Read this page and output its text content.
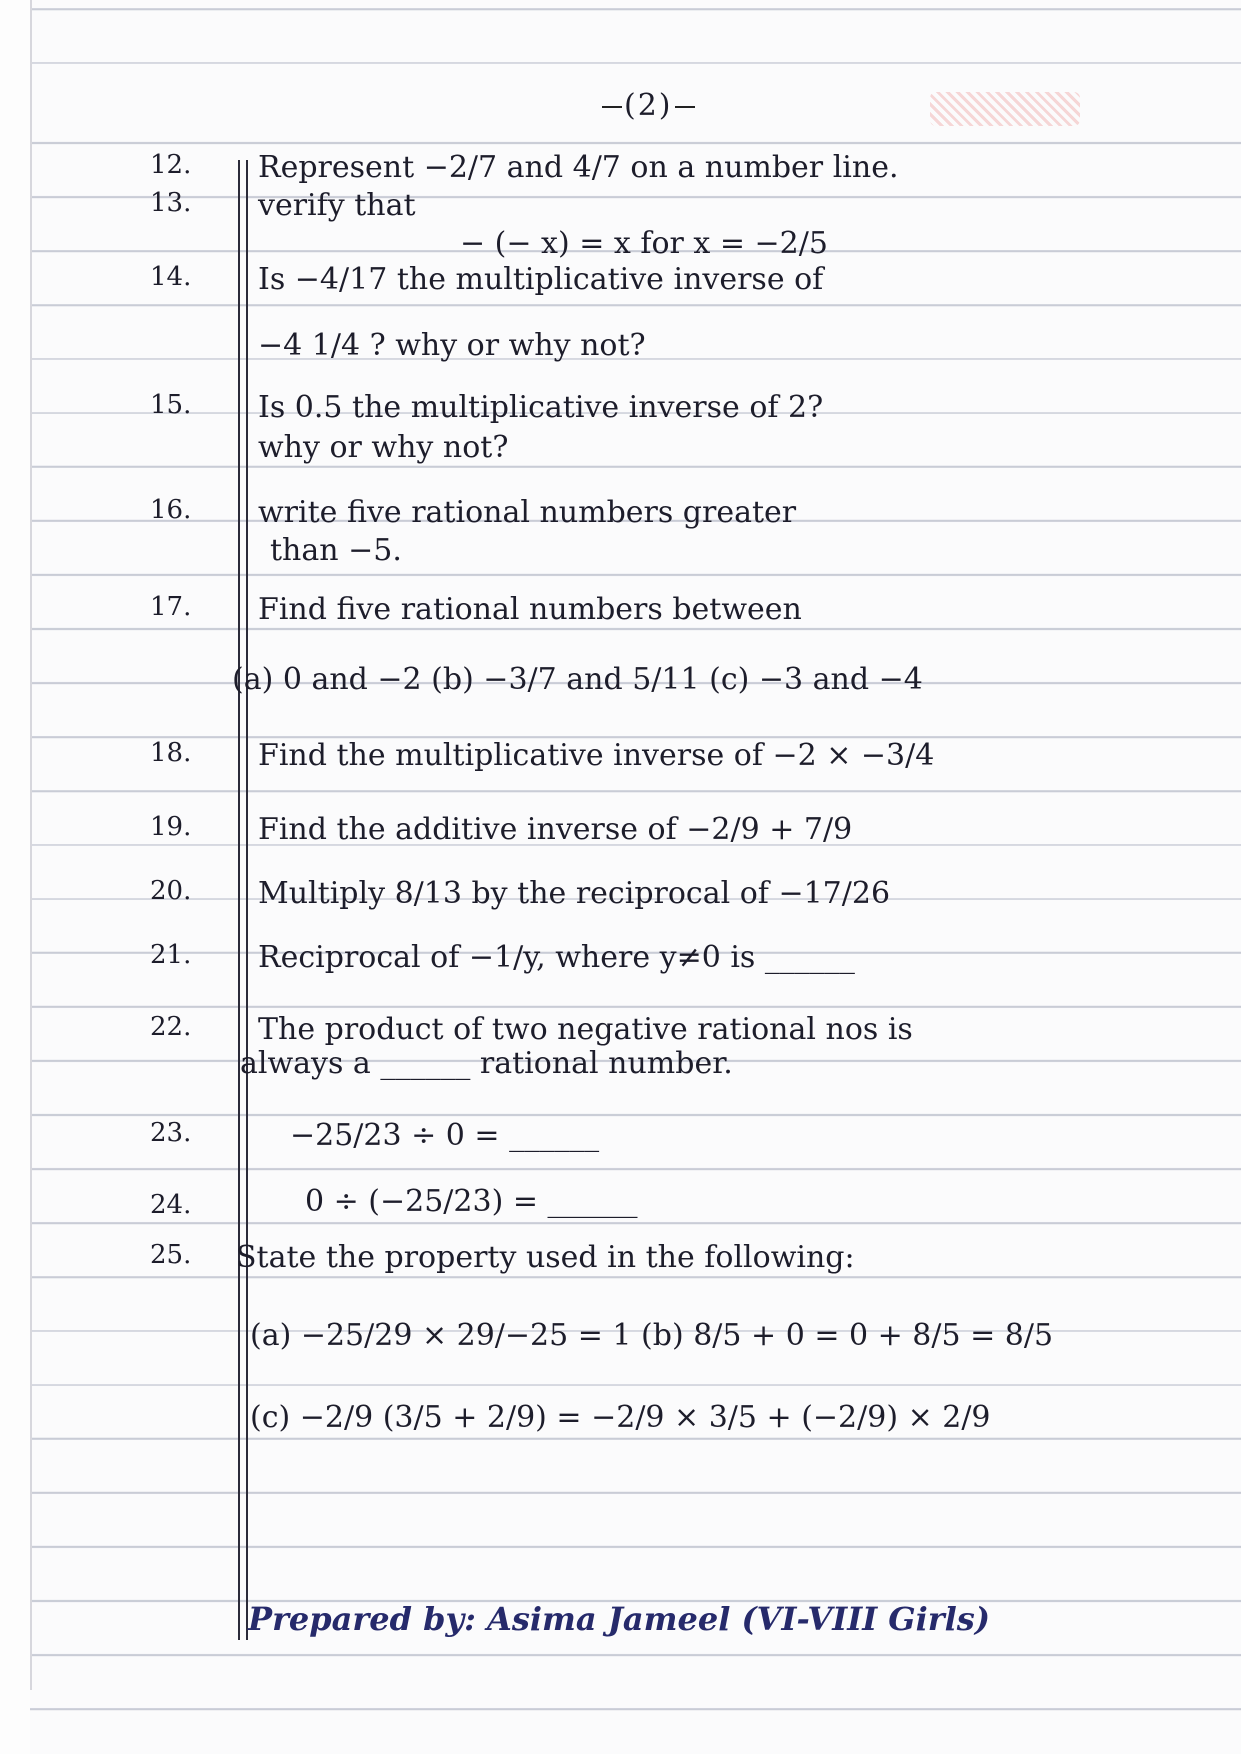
(2)
12.	Represent −2/7 and 4/7 on a number line.
13.	verify that
− (− x) = x for x = −2/5
14.	Is −4/17 the multiplicative inverse of
−4 1/4 ? why or why not?
15.	Is 0.5 the multiplicative inverse of 2?
why or why not?
16.	write five rational numbers greater
than −5.
17.	Find five rational numbers between
(a) 0 and −2 (b) −3/7 and 5/11 (c) −3 and −4
18.	Find the multiplicative inverse of −2 × −3/4
19.	Find the additive inverse of −2/9 + 7/9
20.	Multiply 8/13 by the reciprocal of −17/26
21.	Reciprocal of −1/y, where y≠0 is ______
22.	The product of two negative rational nos is
always a ______ rational number.
23.	−25/23 ÷ 0 = ______
24.	0 ÷ (−25/23) = ______
25.	State the property used in the following:
(a) −25/29 × 29/−25 = 1 (b) 8/5 + 0 = 0 + 8/5 = 8/5
(c) −2/9 (3/5 + 2/9) = −2/9 × 3/5 + (−2/9) × 2/9
Prepared by: Asima Jameel (VI-VIII Girls)
